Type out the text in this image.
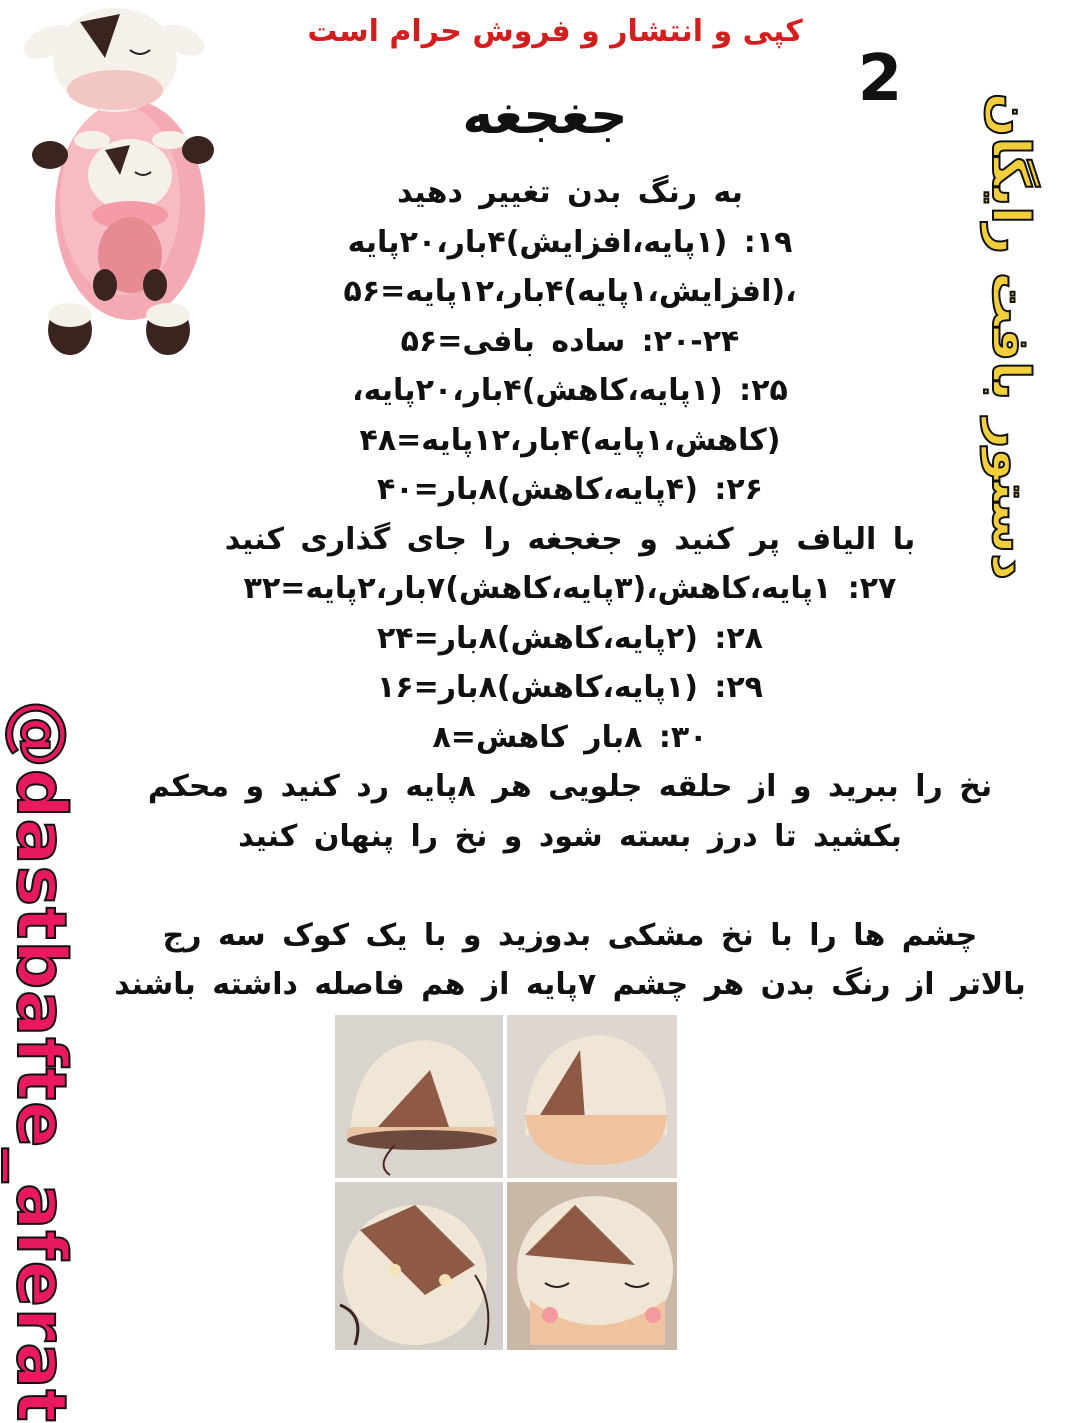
کپی و انتشار و فروش حرام است
2
جغجغه	دستور بافت رایگان
@dastbafte_aferat
به رنگ بدن تغییر دهید
۱۹: (۱پایه،افزایش)۴بار،۲۰پایه
،(افزایش،۱پایه)۴بار،۱۲پایه=۵۶
۲۰-۲۴: ساده بافی=۵۶
۲۵: (۱پایه،کاهش)۴بار،۲۰پایه،
(کاهش،۱پایه)۴بار،۱۲پایه=۴۸
۲۶: (۴پایه،کاهش)۸بار=۴۰
با الیاف پر کنید و جغجغه را جای گذاری کنید
۲۷: ۱پایه،کاهش،(۳پایه،کاهش)۷بار،۲پایه=۳۲
۲۸: (۲پایه،کاهش)۸بار=۲۴
۲۹: (۱پایه،کاهش)۸بار=۱۶
۳۰: ۸بار کاهش=۸
نخ را ببرید و از حلقه جلویی هر ۸پایه رد کنید و محکم
بکشید تا درز بسته شود و نخ را پنهان کنید
چشم ها را با نخ مشکی بدوزید و با یک کوک سه رج
بالاتر از رنگ بدن هر چشم ۷پایه از هم فاصله داشته باشند
